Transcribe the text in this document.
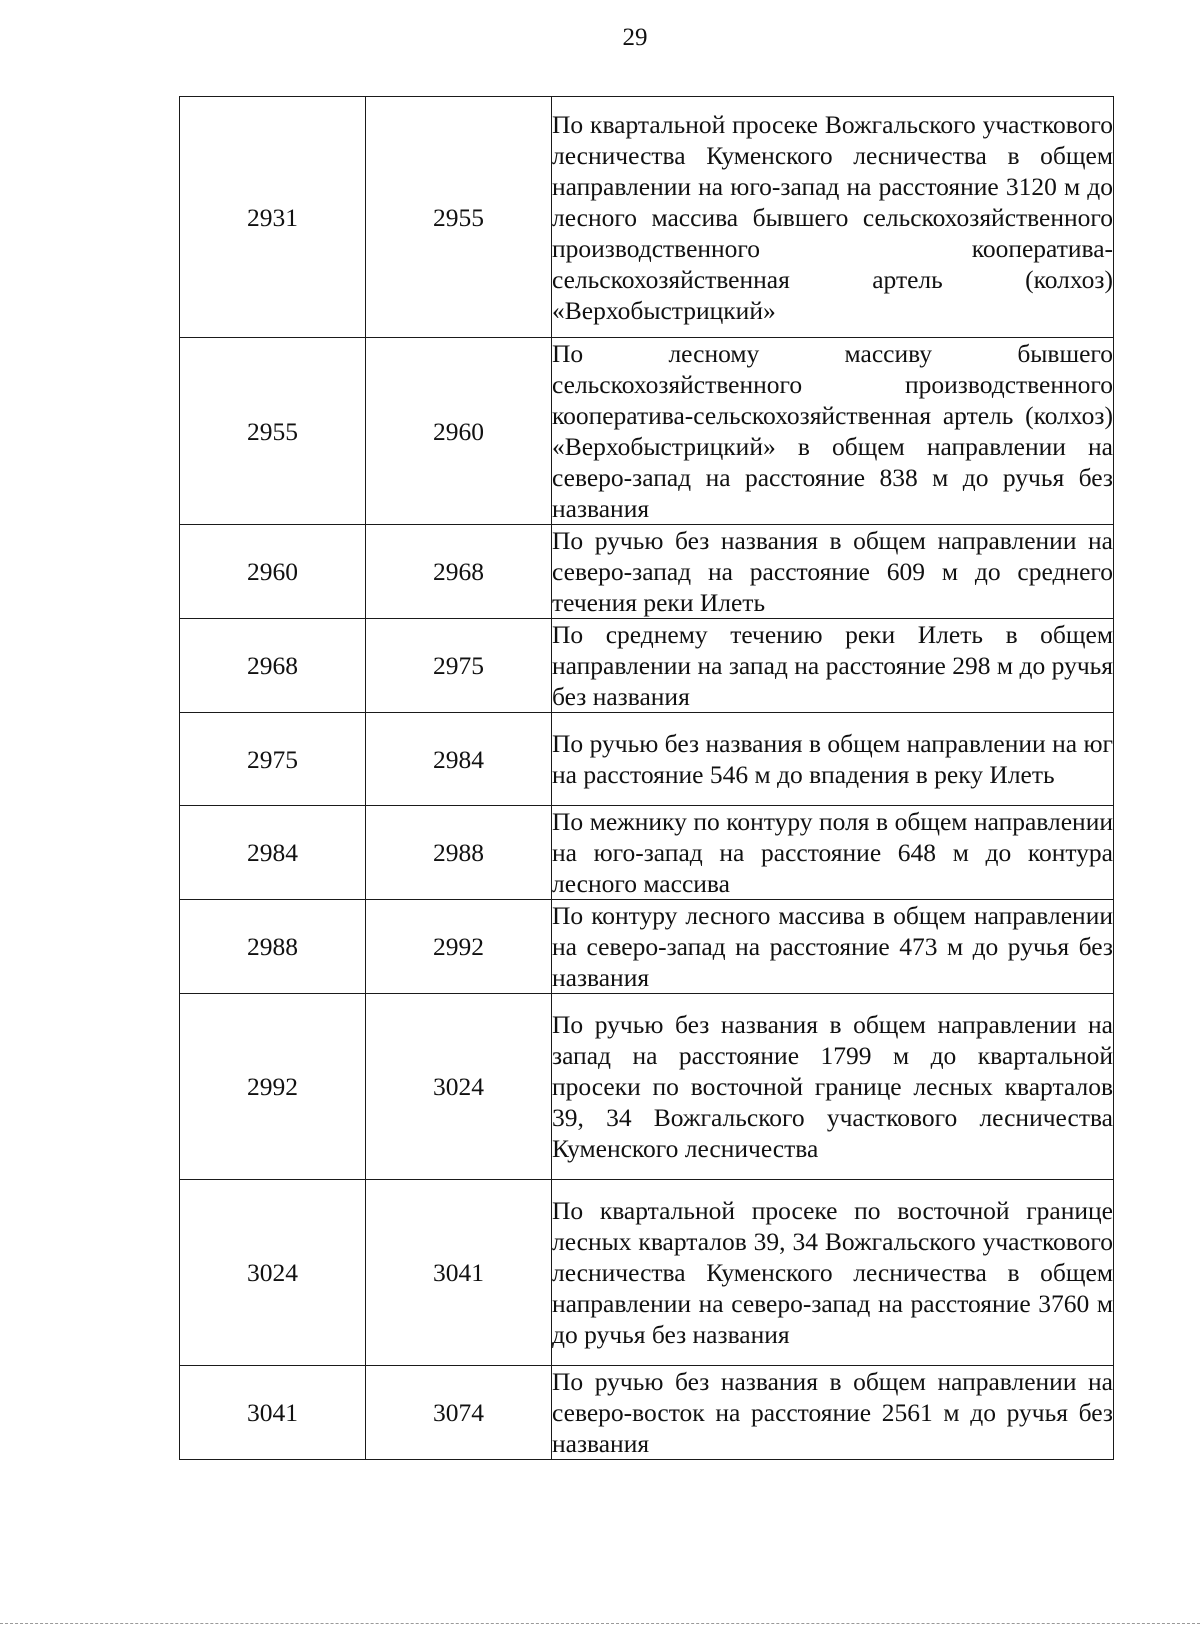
29
2931	2955	По квартальной просеке Вожгальского участкового лесничества Куменского лесничества в общем направлении на юго-запад на расстояние 3120 м до лесного массива бывшего сельскохозяйственного производственного кооператива-сельскохозяйственная артель (колхоз) «Верхобыстрицкий»

2955	2960	По лесному массиву бывшего сельскохозяйственного производственного кооператива-сельскохозяйственная артель (колхоз) «Верхобыстрицкий» в общем направлении на северо-запад на расстояние 838 м до ручья без названия

2960	2968	По ручью без названия в общем направлении на северо-запад на расстояние 609 м до среднего течения реки Илеть

2968	2975	По среднему течению реки Илеть в общем направлении на запад на расстояние 298 м до ручья без названия

2975	2984	По ручью без названия в общем направлении на юг на расстояние 546 м до впадения в реку Илеть

2984	2988	По межнику по контуру поля в общем направлении на юго-запад на расстояние 648 м до контура лесного массива

2988	2992	По контуру лесного массива в общем направлении на северо-запад на расстояние 473 м до ручья без названия

2992	3024	По ручью без названия в общем направлении на запад на расстояние 1799 м до квартальной просеки по восточной границе лесных кварталов 39, 34 Вожгальского участкового лесничества Куменского лесничества

3024	3041	По квартальной просеке по восточной границе лесных кварталов 39, 34 Вожгальского участкового лесничества Куменского лесничества в общем направлении на северо-запад на расстояние 3760 м до ручья без названия

3041	3074	По ручью без названия в общем направлении на северо-восток на расстояние 2561 м до ручья без названия
